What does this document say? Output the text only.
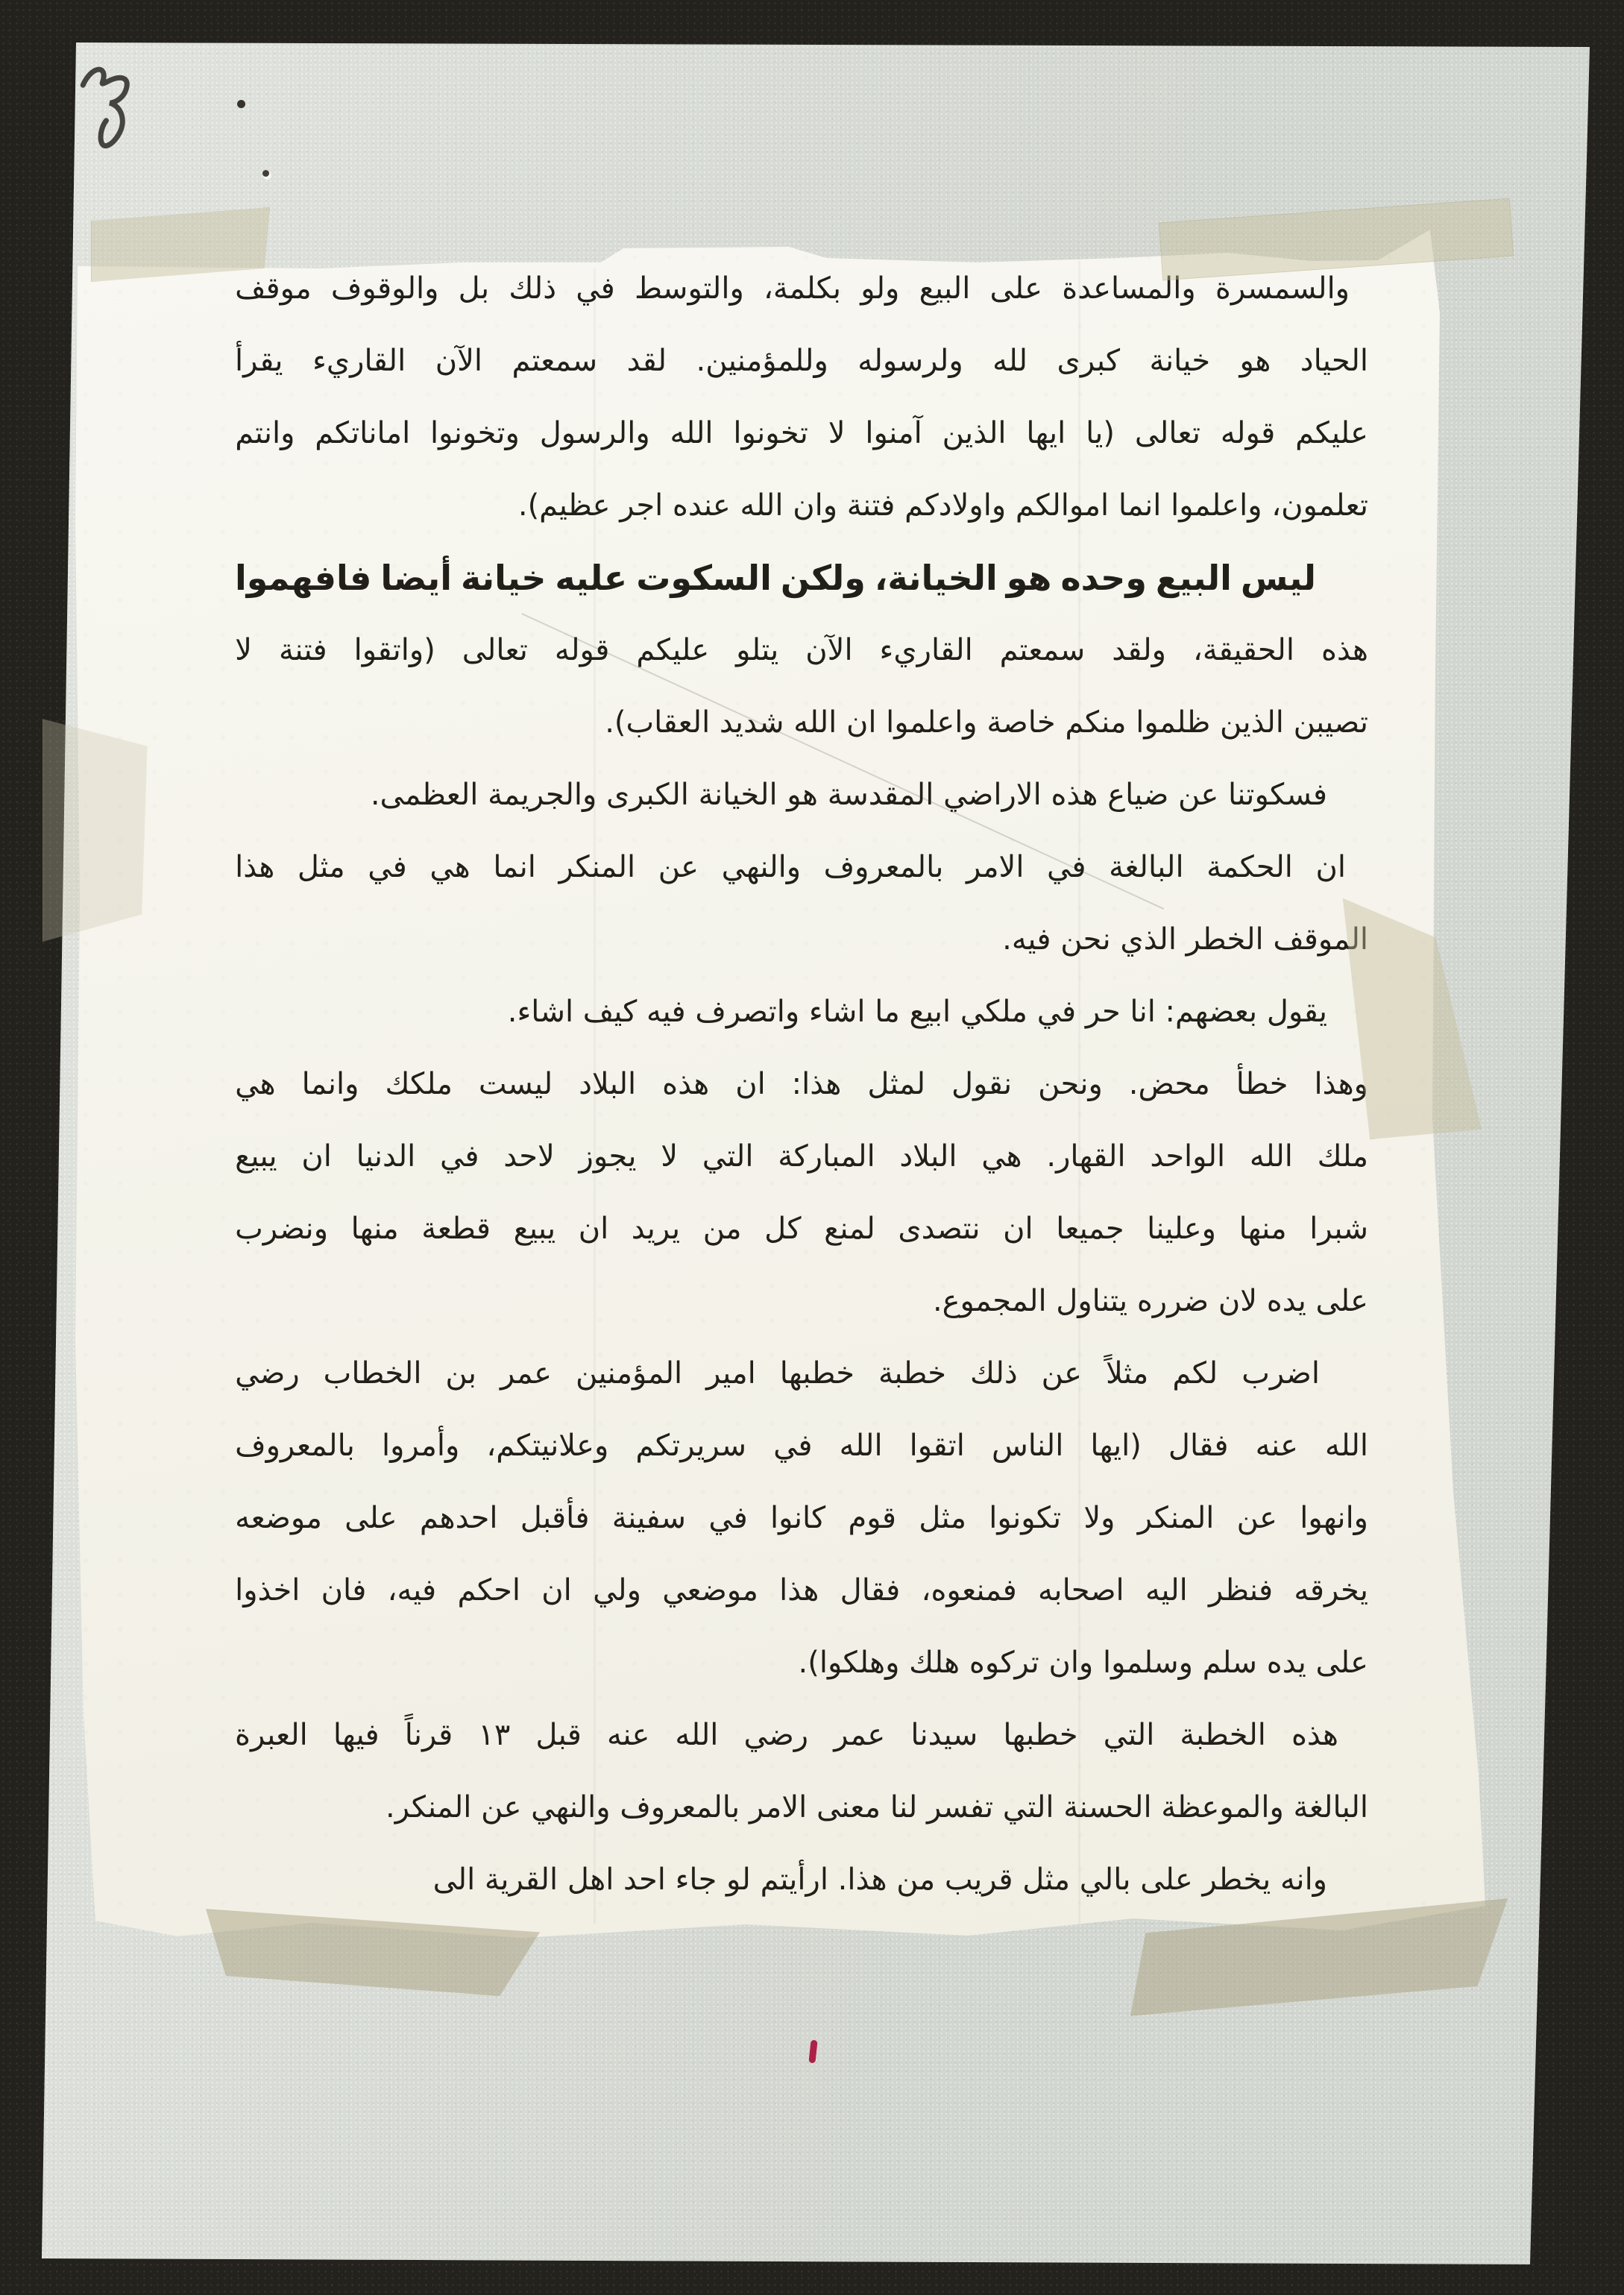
والسمسرة
والمساعدة
على
البيع
ولو
بكلمة،
والتوسط
في
ذلك
بل
والوقوف
موقف
الحياد
هو
خيانة
كبرى
لله
ولرسوله
وللمؤمنين.
لقد
سمعتم
الآن
القاريء
يقرأ
عليكم
قوله
تعالى
(يا
ايها
الذين
آمنوا
لا
تخونوا
الله
والرسول
وتخونوا
اماناتكم
وانتم
تعلمون، واعلموا انما اموالكم واولادكم فتنة وان الله عنده اجر عظيم).
ليس
البيع
وحده
هو
الخيانة،
ولكن
السكوت
عليه
خيانة
أيضا
فافهموا
هذه
الحقيقة،
ولقد
سمعتم
القاريء
الآن
يتلو
عليكم
قوله
تعالى
(واتقوا
فتنة
لا
تصيبن الذين ظلموا منكم خاصة واعلموا ان الله شديد العقاب).
فسكوتنا عن ضياع هذه الاراضي المقدسة هو الخيانة الكبرى والجريمة العظمى.
ان
الحكمة
البالغة
في
الامر
بالمعروف
والنهي
عن
المنكر
انما
هي
في
مثل
هذا
الموقف الخطر الذي نحن فيه.
يقول بعضهم: انا حر في ملكي ابيع ما اشاء واتصرف فيه كيف اشاء.
وهذا
خطأ
محض.
ونحن
نقول
لمثل
هذا:
ان
هذه
البلاد
ليست
ملكك
وانما
هي
ملك
الله
الواحد
القهار.
هي
البلاد
المباركة
التي
لا
يجوز
لاحد
في
الدنيا
ان
يبيع
شبرا
منها
وعلينا
جميعا
ان
نتصدى
لمنع
كل
من
يريد
ان
يبيع
قطعة
منها
ونضرب
على يده لان ضرره يتناول المجموع.
اضرب
لكم
مثلاً
عن
ذلك
خطبة
خطبها
امير
المؤمنين
عمر
بن
الخطاب
رضي
الله
عنه
فقال
(ايها
الناس
اتقوا
الله
في
سريرتكم
وعلانيتكم،
وأمروا
بالمعروف
وانهوا
عن
المنكر
ولا
تكونوا
مثل
قوم
كانوا
في
سفينة
فأقبل
احدهم
على
موضعه
يخرقه
فنظر
اليه
اصحابه
فمنعوه،
فقال
هذا
موضعي
ولي
ان
احكم
فيه،
فان
اخذوا
على يده سلم وسلموا وان تركوه هلك وهلكوا).
هذه
الخطبة
التي
خطبها
سيدنا
عمر
رضي
الله
عنه
قبل
١٣
قرناً
فيها
العبرة
البالغة والموعظة الحسنة التي تفسر لنا معنى الامر بالمعروف والنهي عن المنكر.
وانه يخطر على بالي مثل قريب من هذا. ارأيتم لو جاء احد اهل القرية الى
